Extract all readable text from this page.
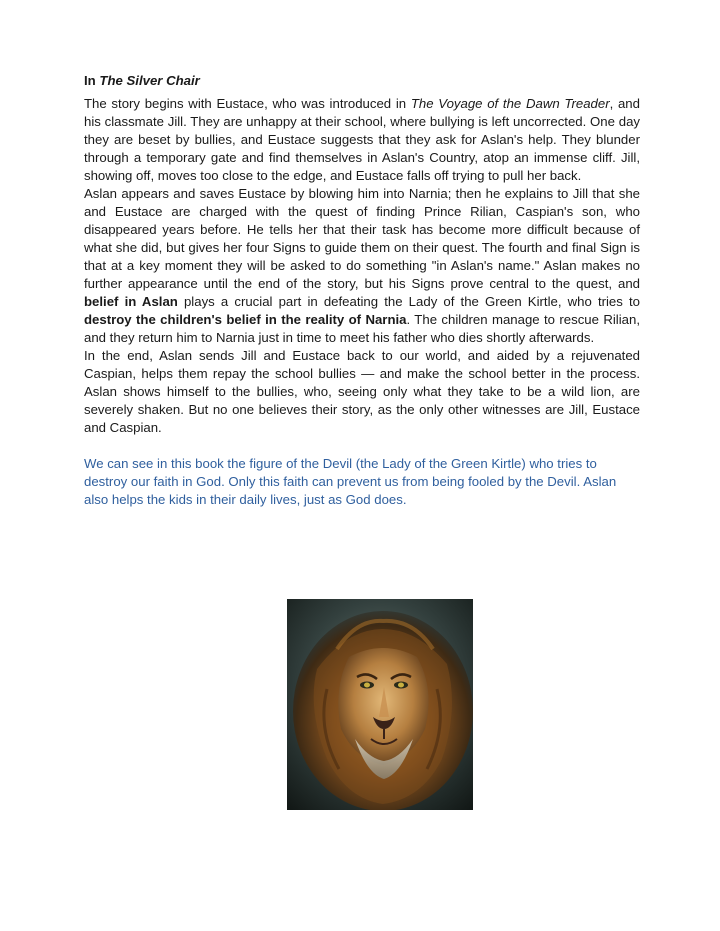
In The Silver Chair

The story begins with Eustace, who was introduced in The Voyage of the Dawn Treader, and his classmate Jill. They are unhappy at their school, where bullying is left uncorrected. One day they are beset by bullies, and Eustace suggests that they ask for Aslan's help. They blunder through a temporary gate and find themselves in Aslan's Country, atop an immense cliff. Jill, showing off, moves too close to the edge, and Eustace falls off trying to pull her back.

Aslan appears and saves Eustace by blowing him into Narnia; then he explains to Jill that she and Eustace are charged with the quest of finding Prince Rilian, Caspian's son, who disappeared years before. He tells her that their task has become more difficult because of what she did, but gives her four Signs to guide them on their quest. The fourth and final Sign is that at a key moment they will be asked to do something "in Aslan's name." Aslan makes no further appearance until the end of the story, but his Signs prove central to the quest, and belief in Aslan plays a crucial part in defeating the Lady of the Green Kirtle, who tries to destroy the children's belief in the reality of Narnia. The children manage to rescue Rilian, and they return him to Narnia just in time to meet his father who dies shortly afterwards.

In the end, Aslan sends Jill and Eustace back to our world, and aided by a rejuvenated Caspian, helps them repay the school bullies — and make the school better in the process. Aslan shows himself to the bullies, who, seeing only what they take to be a wild lion, are severely shaken. But no one believes their story, as the only other witnesses are Jill, Eustace and Caspian.

We can see in this book the figure of the Devil (the Lady of the Green Kirtle) who tries to destroy our faith in God. Only this faith can prevent us from being fooled by the Devil. Aslan also helps the kids in their daily lives, just as God does.
